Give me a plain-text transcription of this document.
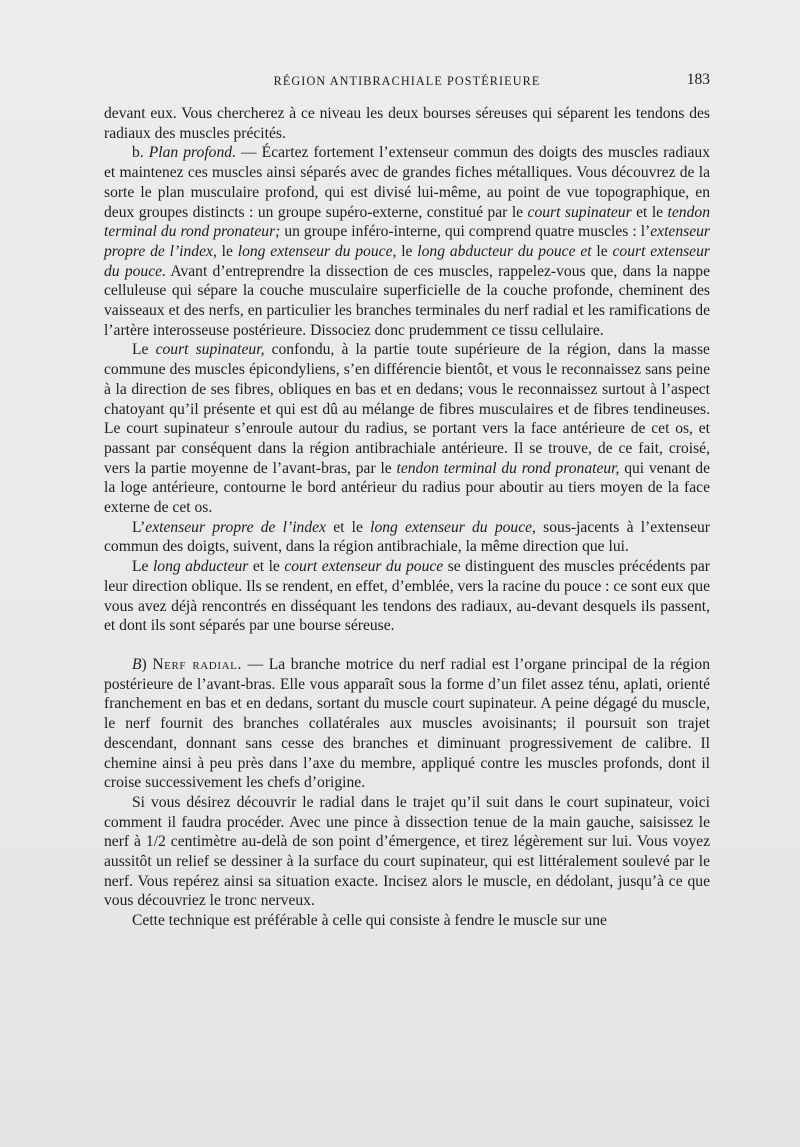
RÉGION ANTIBRACHIALE POSTÉRIEURE	183

devant eux. Vous chercherez à ce niveau les deux bourses séreuses qui séparent les tendons des radiaux des muscles précités.

b. Plan profond. — Écartez fortement l’extenseur commun des doigts des muscles radiaux et maintenez ces muscles ainsi séparés avec de grandes fiches métalliques. Vous découvrez de la sorte le plan musculaire profond, qui est divisé lui-même, au point de vue topographique, en deux groupes distincts : un groupe supéro-externe, constitué par le court supinateur et le tendon terminal du rond pronateur; un groupe inféro-interne, qui comprend quatre muscles : l’extenseur propre de l’index, le long extenseur du pouce, le long abducteur du pouce et le court extenseur du pouce. Avant d’entreprendre la dissection de ces muscles, rappelez-vous que, dans la nappe celluleuse qui sépare la couche musculaire superficielle de la couche profonde, cheminent des vaisseaux et des nerfs, en particulier les branches terminales du nerf radial et les ramifications de l’artère interosseuse postérieure. Dissociez donc prudemment ce tissu cellulaire.

Le court supinateur, confondu, à la partie toute supérieure de la région, dans la masse commune des muscles épicondyliens, s’en différencie bientôt, et vous le reconnaissez sans peine à la direction de ses fibres, obliques en bas et en dedans; vous le reconnaissez surtout à l’aspect chatoyant qu’il présente et qui est dû au mélange de fibres musculaires et de fibres tendineuses. Le court supinateur s’enroule autour du radius, se portant vers la face antérieure de cet os, et passant par conséquent dans la région antibrachiale antérieure. Il se trouve, de ce fait, croisé, vers la partie moyenne de l’avant-bras, par le tendon terminal du rond pronateur, qui venant de la loge antérieure, contourne le bord antérieur du radius pour aboutir au tiers moyen de la face externe de cet os.

L’extenseur propre de l’index et le long extenseur du pouce, sous-jacents à l’extenseur commun des doigts, suivent, dans la région antibrachiale, la même direction que lui.

Le long abducteur et le court extenseur du pouce se distinguent des muscles précédents par leur direction oblique. Ils se rendent, en effet, d’emblée, vers la racine du pouce : ce sont eux que vous avez déjà rencontrés en disséquant les tendons des radiaux, au-devant desquels ils passent, et dont ils sont séparés par une bourse séreuse.

B) Nerf radial. — La branche motrice du nerf radial est l’organe principal de la région postérieure de l’avant-bras. Elle vous apparaît sous la forme d’un filet assez ténu, aplati, orienté franchement en bas et en dedans, sortant du muscle court supinateur. A peine dégagé du muscle, le nerf fournit des branches collatérales aux muscles avoisinants; il poursuit son trajet descendant, donnant sans cesse des branches et diminuant progressivement de calibre. Il chemine ainsi à peu près dans l’axe du membre, appliqué contre les muscles profonds, dont il croise successivement les chefs d’origine.

Si vous désirez découvrir le radial dans le trajet qu’il suit dans le court supinateur, voici comment il faudra procéder. Avec une pince à dissection tenue de la main gauche, saisissez le nerf à 1/2 centimètre au-delà de son point d’émergence, et tirez légèrement sur lui. Vous voyez aussitôt un relief se dessiner à la surface du court supinateur, qui est littéralement soulevé par le nerf. Vous repérez ainsi sa situation exacte. Incisez alors le muscle, en dédolant, jusqu’à ce que vous découvriez le tronc nerveux.

Cette technique est préférable à celle qui consiste à fendre le muscle sur une
